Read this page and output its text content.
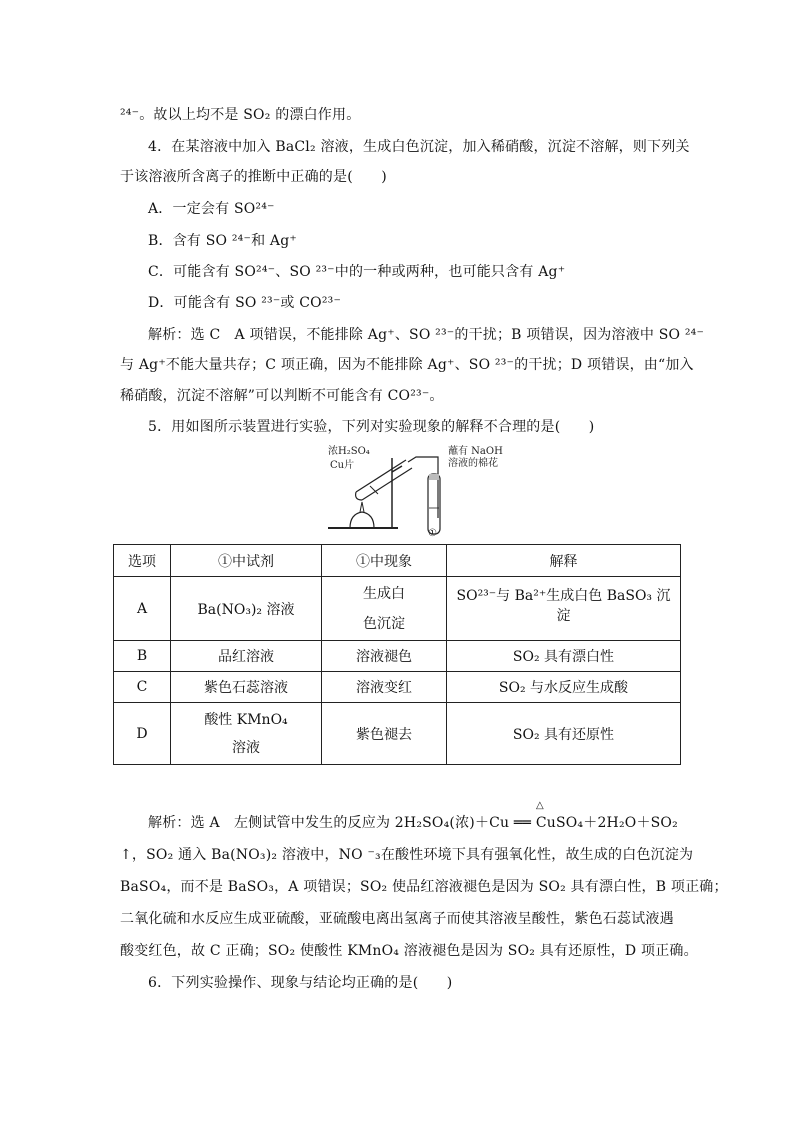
²⁴⁻。故以上均不是 SO₂ 的漂白作用。
4．在某溶液中加入 BaCl₂ 溶液，生成白色沉淀，加入稀硝酸，沉淀不溶解，则下列关
于该溶液所含离子的推断中正确的是(　　)
A．一定会有 SO²⁴⁻
B．含有 SO ²⁴⁻和 Ag⁺
C．可能含有 SO²⁴⁻、SO ²³⁻中的一种或两种，也可能只含有 Ag⁺
D．可能含有 SO ²³⁻或 CO²³⁻
解析：选 C　A 项错误，不能排除 Ag⁺、SO ²³⁻的干扰；B 项错误，因为溶液中 SO ²⁴⁻
与 Ag⁺不能大量共存；C 项正确，因为不能排除 Ag⁺、SO ²³⁻的干扰；D 项错误，由“加入
稀硝酸，沉淀不溶解”可以判断不可能含有 CO²³⁻。
5．用如图所示装置进行实验，下列对实验现象的解释不合理的是(　　)
浓H₂SO₄
Cu片
蘸有 NaOH
溶液的棉花
①
选项	①中试剂	①中现象	解释
A	Ba(NO₃)₂ 溶液	生成白
色沉淀	SO²³⁻与 Ba²⁺生成白色 BaSO₃ 沉淀
B	品红溶液	溶液褪色	SO₂ 具有漂白性
C	紫色石蕊溶液	溶液变红	SO₂ 与水反应生成酸
D	酸性 KMnO₄
溶液	紫色褪去	SO₂ 具有还原性
△
解析：选 A　左侧试管中发生的反应为 2H₂SO₄(浓)＋Cu ══ CuSO₄＋2H₂O＋SO₂
↑，SO₂ 通入 Ba(NO₃)₂ 溶液中，NO ⁻₃在酸性环境下具有强氧化性，故生成的白色沉淀为
BaSO₄，而不是 BaSO₃，A 项错误；SO₂ 使品红溶液褪色是因为 SO₂ 具有漂白性，B 项正确；
二氧化硫和水反应生成亚硫酸，亚硫酸电离出氢离子而使其溶液呈酸性，紫色石蕊试液遇
酸变红色，故 C 正确；SO₂ 使酸性 KMnO₄ 溶液褪色是因为 SO₂ 具有还原性，D 项正确。
6．下列实验操作、现象与结论均正确的是(　　)
